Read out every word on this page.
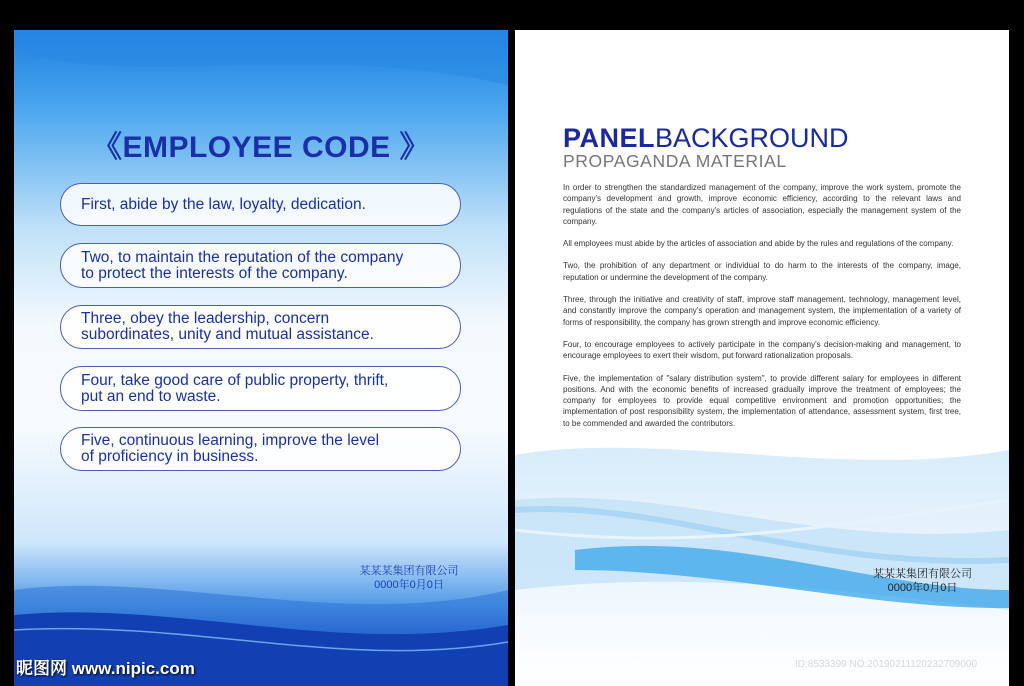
《EMPLOYEE CODE 》
First, abide by the law, loyalty, dedication.
Two, to maintain the reputation of the company
to protect the interests of the company.
Three, obey the leadership, concern
subordinates, unity and mutual assistance.
Four, take good care of public property, thrift,
put an end to waste.
Five, continuous learning, improve the level
of proficiency in business.
某某某集团有限公司
0000年0月0日
PANELBACKGROUND
PROPAGANDA MATERIAL

In order to strengthen the standardized management of the company, improve the work system, promote the company's development and growth, improve economic efficiency, according to the relevant laws and regulations of the state and the company's articles of association, especially the management system of the company.

All employees must abide by the articles of association and abide by the rules and regulations of the company.

Two, the prohibition of any department or individual to do harm to the interests of the company, image, reputation or undermine the development of the company.

Three, through the initiative and creativity of staff, improve staff management, technology, management level, and constantly improve the company's operation and management system, the implementation of a variety of forms of responsibility, the company has grown strength and improve economic efficiency.

Four, to encourage employees to actively participate in the company's decision-making and management, to encourage employees to exert their wisdom, put forward rationalization proposals.

Five, the implementation of "salary distribution system", to provide different salary for employees in different positions. And with the economic benefits of increased gradually improve the treatment of employees; the company for employees to provide equal competitive environment and promotion opportunities; the implementation of post responsibility system, the implementation of attendance, assessment system, first tree, to be commended and awarded the contributors.

某某某集团有限公司
0000年0月0日
昵图网 www.nipic.com	ID:8533399 NO:20190211120232709000
